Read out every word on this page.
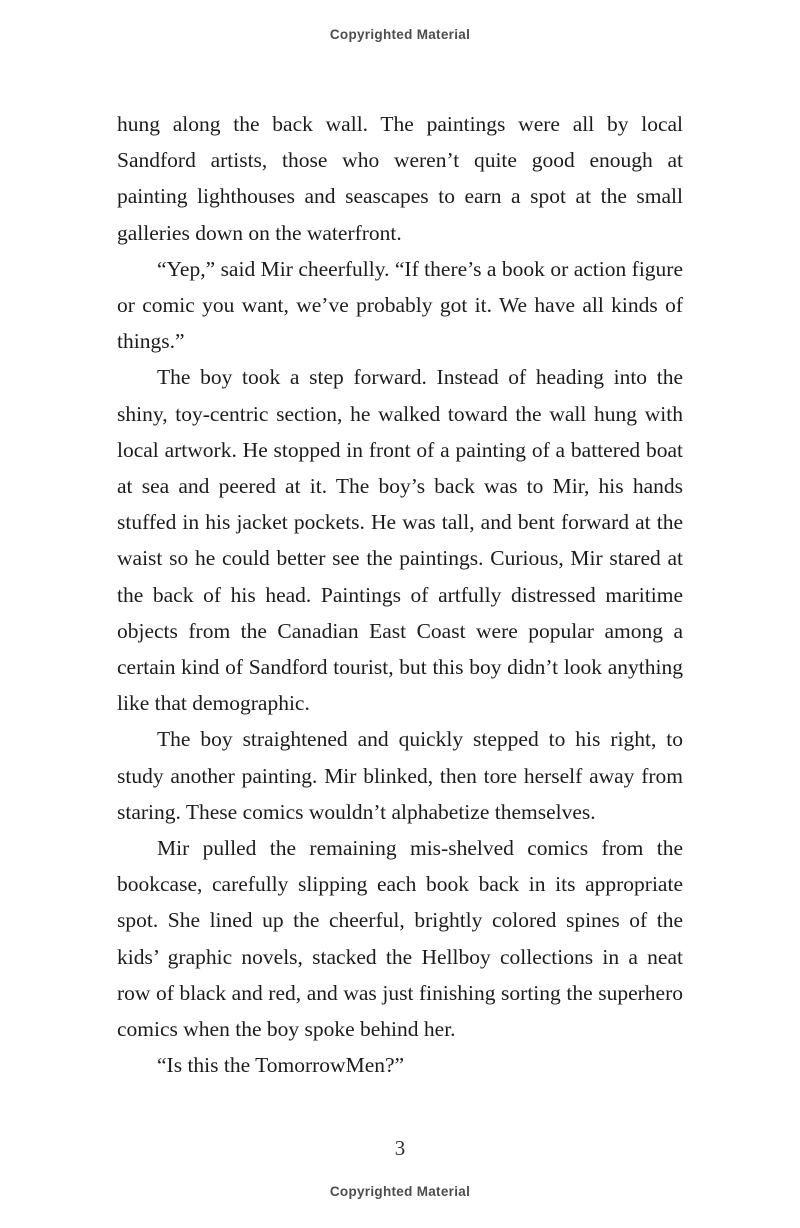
Copyrighted Material

hung along the back wall. The paintings were all by local Sandford artists, those who weren’t quite good enough at painting lighthouses and seascapes to earn a spot at the small galleries down on the waterfront.

“Yep,” said Mir cheerfully. “If there’s a book or action figure or comic you want, we’ve probably got it. We have all kinds of things.”

The boy took a step forward. Instead of heading into the shiny, toy-centric section, he walked toward the wall hung with local artwork. He stopped in front of a painting of a battered boat at sea and peered at it. The boy’s back was to Mir, his hands stuffed in his jacket pockets. He was tall, and bent forward at the waist so he could better see the paintings. Curious, Mir stared at the back of his head. Paintings of artfully distressed maritime objects from the Canadian East Coast were popular among a certain kind of Sandford tourist, but this boy didn’t look anything like that demographic.

The boy straightened and quickly stepped to his right, to study another painting. Mir blinked, then tore herself away from staring. These comics wouldn’t alphabetize themselves.

Mir pulled the remaining mis-shelved comics from the bookcase, carefully slipping each book back in its appropriate spot. She lined up the cheerful, brightly colored spines of the kids’ graphic novels, stacked the Hellboy collections in a neat row of black and red, and was just finishing sorting the superhero comics when the boy spoke behind her.

“Is this the TomorrowMen?”

3
Copyrighted Material
